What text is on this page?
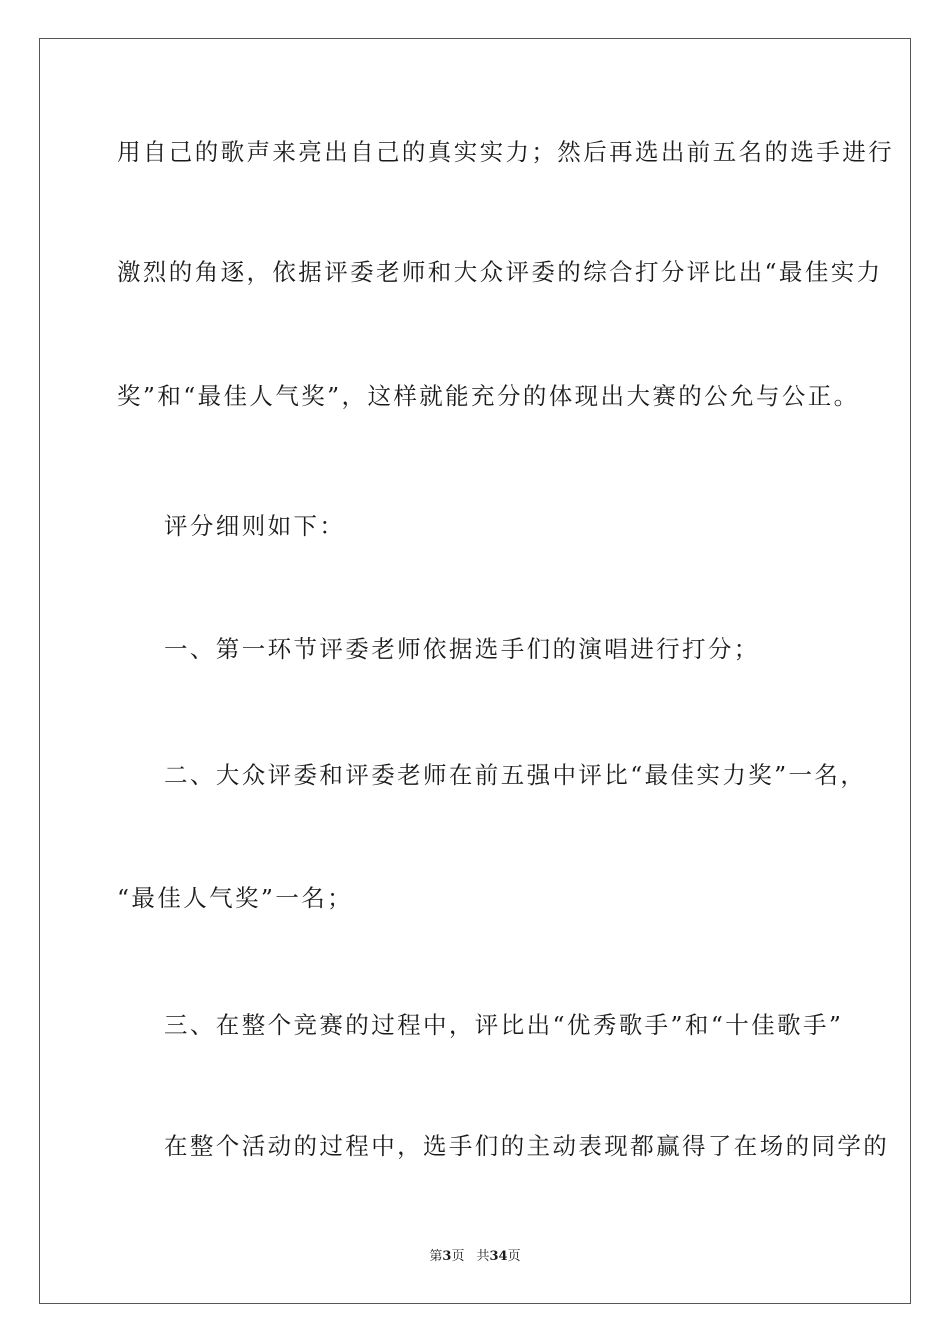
用自己的歌声来亮出自己的真实实力；然后再选出前五名的选手进行
激烈的角逐，依据评委老师和大众评委的综合打分评比出“最佳实力
奖”和“最佳人气奖”，这样就能充分的体现出大赛的公允与公正。
评分细则如下：
一、第一环节评委老师依据选手们的演唱进行打分；
二、大众评委和评委老师在前五强中评比“最佳实力奖”一名，
“最佳人气奖”一名；
三、在整个竞赛的过程中，评比出“优秀歌手”和“十佳歌手”
在整个活动的过程中，选手们的主动表现都赢得了在场的同学的
第3页 共34页
